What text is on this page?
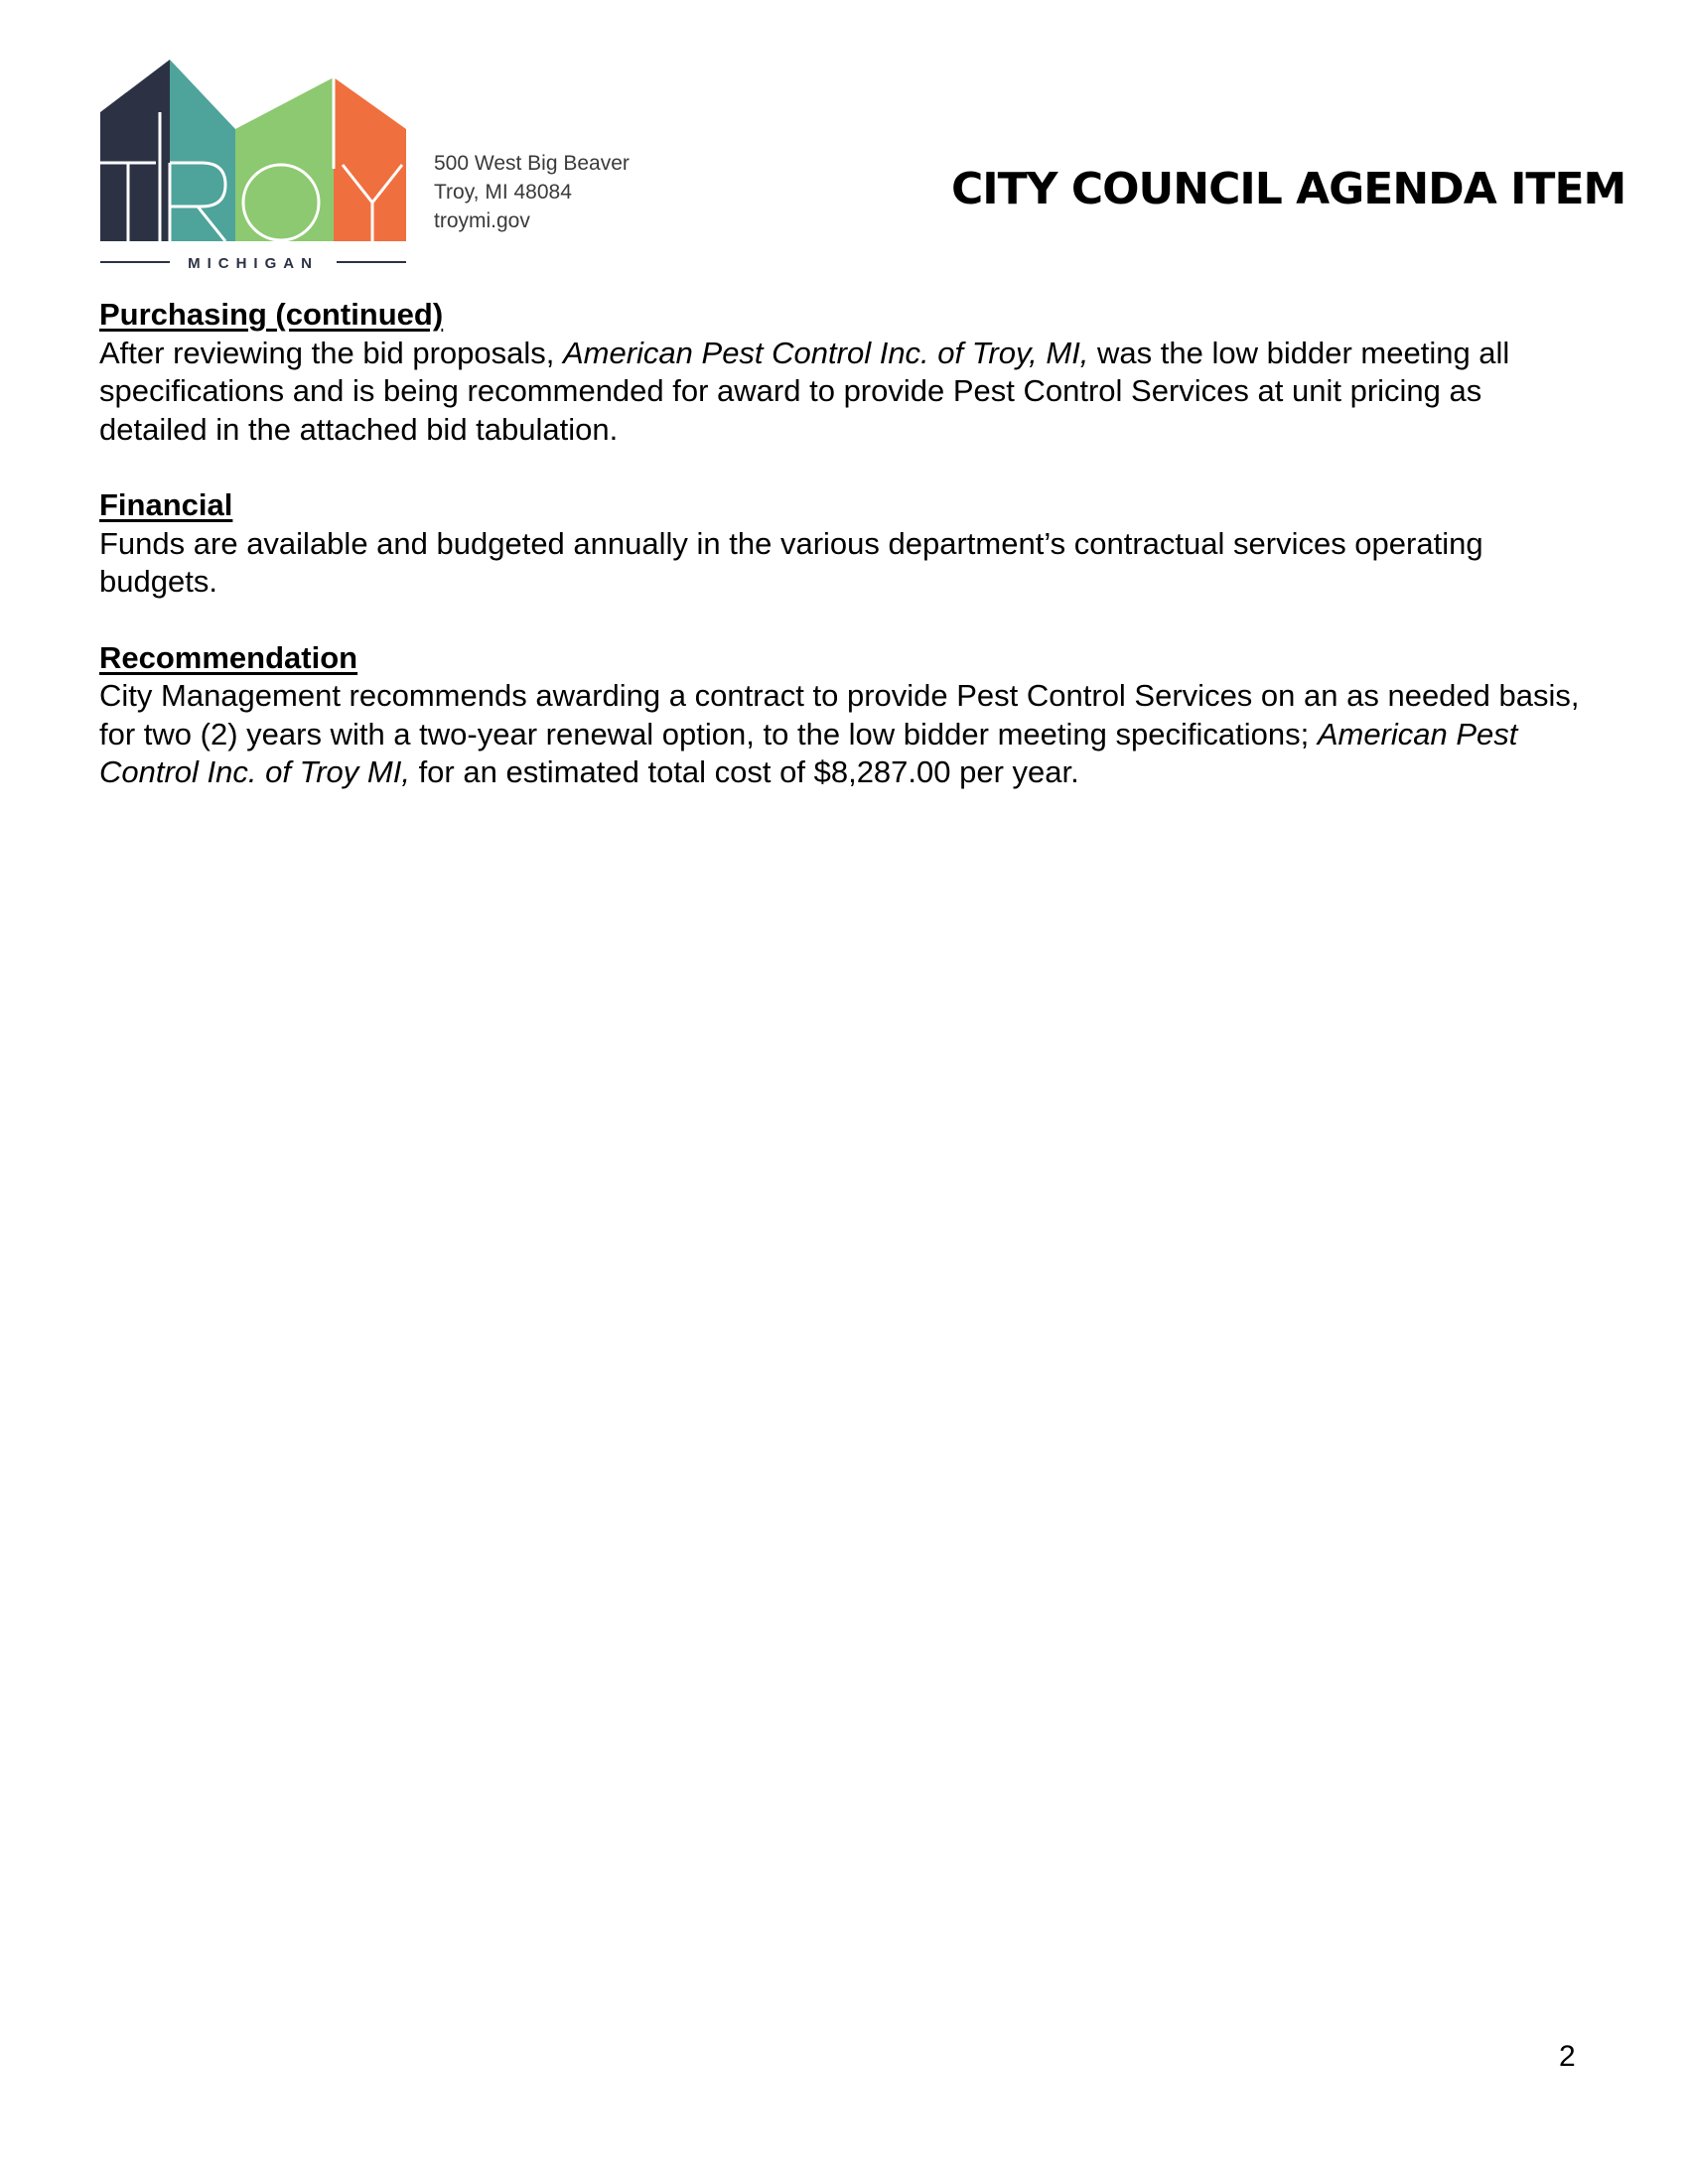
MICHIGAN
500 West Big Beaver
Troy, MI 48084
troymi.gov
CITY COUNCIL AGENDA ITEM
Purchasing (continued)
After reviewing the bid proposals, American Pest Control Inc. of Troy, MI, was the low bidder meeting all specifications and is being recommended for award to provide Pest Control Services at unit pricing as detailed in the attached bid tabulation.
Financial
Funds are available and budgeted annually in the various department’s contractual services operating budgets.
Recommendation
City Management recommends awarding a contract to provide Pest Control Services on an as needed basis, for two (2) years with a two-year renewal option, to the low bidder meeting specifications; American Pest Control Inc. of Troy MI, for an estimated total cost of $8,287.00 per year.
2
